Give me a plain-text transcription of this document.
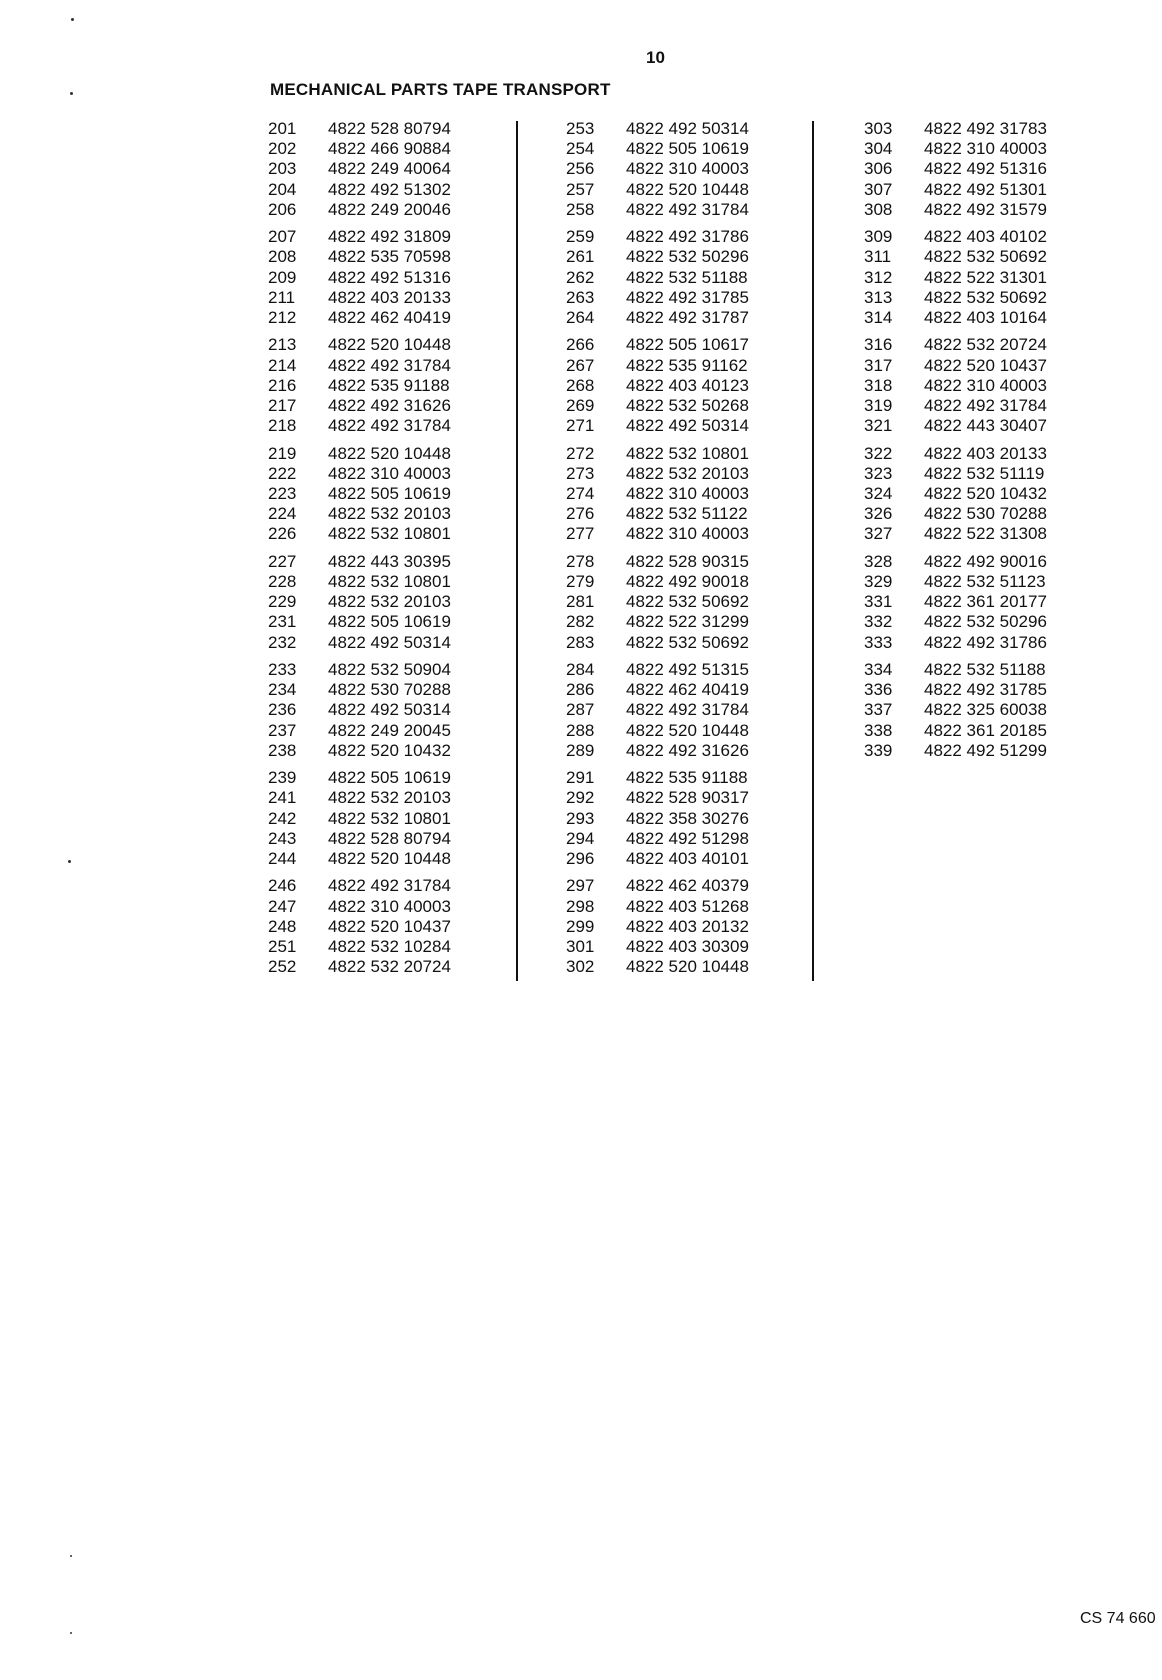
10
MECHANICAL PARTS TAPE TRANSPORT
201	4822 528 80794
202	4822 466 90884
203	4822 249 40064
204	4822 492 51302
206	4822 249 20046
207	4822 492 31809
208	4822 535 70598
209	4822 492 51316
211	4822 403 20133
212	4822 462 40419
213	4822 520 10448
214	4822 492 31784
216	4822 535 91188
217	4822 492 31626
218	4822 492 31784
219	4822 520 10448
222	4822 310 40003
223	4822 505 10619
224	4822 532 20103
226	4822 532 10801
227	4822 443 30395
228	4822 532 10801
229	4822 532 20103
231	4822 505 10619
232	4822 492 50314
233	4822 532 50904
234	4822 530 70288
236	4822 492 50314
237	4822 249 20045
238	4822 520 10432
239	4822 505 10619
241	4822 532 20103
242	4822 532 10801
243	4822 528 80794
244	4822 520 10448
246	4822 492 31784
247	4822 310 40003
248	4822 520 10437
251	4822 532 10284
252	4822 532 20724
253	4822 492 50314
254	4822 505 10619
256	4822 310 40003
257	4822 520 10448
258	4822 492 31784
259	4822 492 31786
261	4822 532 50296
262	4822 532 51188
263	4822 492 31785
264	4822 492 31787
266	4822 505 10617
267	4822 535 91162
268	4822 403 40123
269	4822 532 50268
271	4822 492 50314
272	4822 532 10801
273	4822 532 20103
274	4822 310 40003
276	4822 532 51122
277	4822 310 40003
278	4822 528 90315
279	4822 492 90018
281	4822 532 50692
282	4822 522 31299
283	4822 532 50692
284	4822 492 51315
286	4822 462 40419
287	4822 492 31784
288	4822 520 10448
289	4822 492 31626
291	4822 535 91188
292	4822 528 90317
293	4822 358 30276
294	4822 492 51298
296	4822 403 40101
297	4822 462 40379
298	4822 403 51268
299	4822 403 20132
301	4822 403 30309
302	4822 520 10448
303	4822 492 31783
304	4822 310 40003
306	4822 492 51316
307	4822 492 51301
308	4822 492 31579
309	4822 403 40102
311	4822 532 50692
312	4822 522 31301
313	4822 532 50692
314	4822 403 10164
316	4822 532 20724
317	4822 520 10437
318	4822 310 40003
319	4822 492 31784
321	4822 443 30407
322	4822 403 20133
323	4822 532 51119
324	4822 520 10432
326	4822 530 70288
327	4822 522 31308
328	4822 492 90016
329	4822 532 51123
331	4822 361 20177
332	4822 532 50296
333	4822 492 31786
334	4822 532 51188
336	4822 492 31785
337	4822 325 60038
338	4822 361 20185
339	4822 492 51299
CS 74 660
